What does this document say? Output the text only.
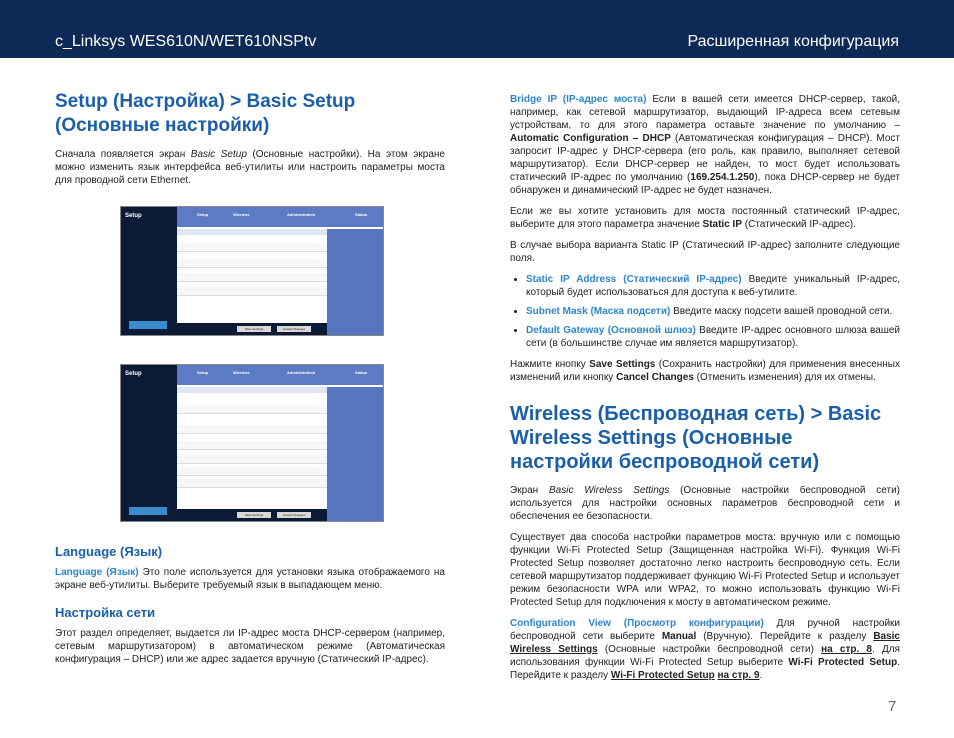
c_Linksys WES610N/WET610NSPtv	Расширенная конфигурация
Setup (Настройка) > Basic Setup (Основные настройки)

Сначала появляется экран Basic Setup (Основные настройки). На этом экране можно изменить язык интерфейса веб-утилиты или настроить параметры моста для проводной сети Ethernet.

Setup	Setup	Wireless	Administration	Status
Save Settings	Cancel Changes
Setup	Setup	Wireless	Administration	Status
Save Settings	Cancel Changes
Language (Язык)

Language (Язык) Это поле используется для установки языка отображаемого на экране веб-утилиты. Выберите требуемый язык в выпадающем меню.

Настройка сети

Этот раздел определяет, выдается ли IP-адрес моста DHCP-сервером (например, сетевым маршрутизатором) в автоматическом режиме (Автоматическая конфигурация – DHCP) или же адрес задается вручную (Статический IP-адрес).

Bridge IP (IP-адрес моста) Если в вашей сети имеется DHCP-сервер, такой, например, как сетевой маршрутизатор, выдающий IP-адреса всем сетевым устройствам, то для этого параметра оставьте значение по умолчанию – Automatic Configuration – DHCP (Автоматическая конфигурация – DHCP). Мост запросит IP-адрес у DHCP-сервера (его роль, как правило, выполняет сетевой маршрутизатор). Если DHCP-сервер не найден, то мост будет использовать статический IP-адрес по умолчанию (169.254.1.250), пока DHCP-сервер не будет обнаружен и динамический IP-адрес не будет назначен.

Если же вы хотите установить для моста постоянный статический IP-адрес, выберите для этого параметра значение Static IP (Статический IP-адрес).

В случае выбора варианта Static IP (Статический IP-адрес) заполните следующие поля.

• Static IP Address (Статический IP-адрес) Введите уникальный IP-адрес, который будет использоваться для доступа к веб-утилите.
• Subnet Mask (Маска подсети) Введите маску подсети вашей проводной сети.
• Default Gateway (Основной шлюз) Введите IP-адрес основного шлюза вашей сети (в большинстве случае им является маршрутизатор).

Нажмите кнопку Save Settings (Сохранить настройки) для применения внесенных изменений или кнопку Cancel Changes (Отменить изменения) для их отмены.

Wireless (Беспроводная сеть) > Basic Wireless Settings (Основные настройки беспроводной сети)

Экран Basic Wireless Settings (Основные настройки беспроводной сети) используется для настройки основных параметров беспроводной сети и обеспечения ее безопасности.

Существует два способа настройки параметров моста: вручную или с помощью функции Wi-Fi Protected Setup (Защищенная настройка Wi-Fi). Функция Wi-Fi Protected Setup позволяет достаточно легко настроить беспроводную сеть. Если сетевой маршрутизатор поддерживает функцию Wi-Fi Protected Setup и использует режим безопасности WPA или WPA2, то можно использовать функцию Wi-Fi Protected Setup для подключения к мосту в автоматическом режиме.

Configuration View (Просмотр конфигурации) Для ручной настройки беспроводной сети выберите Manual (Вручную). Перейдите к разделу Basic Wireless Settings (Основные настройки беспроводной сети) на стр. 8. Для использования функции Wi-Fi Protected Setup выберите Wi-Fi Protected Setup. Перейдите к разделу Wi-Fi Protected Setup на стр. 9.

7
